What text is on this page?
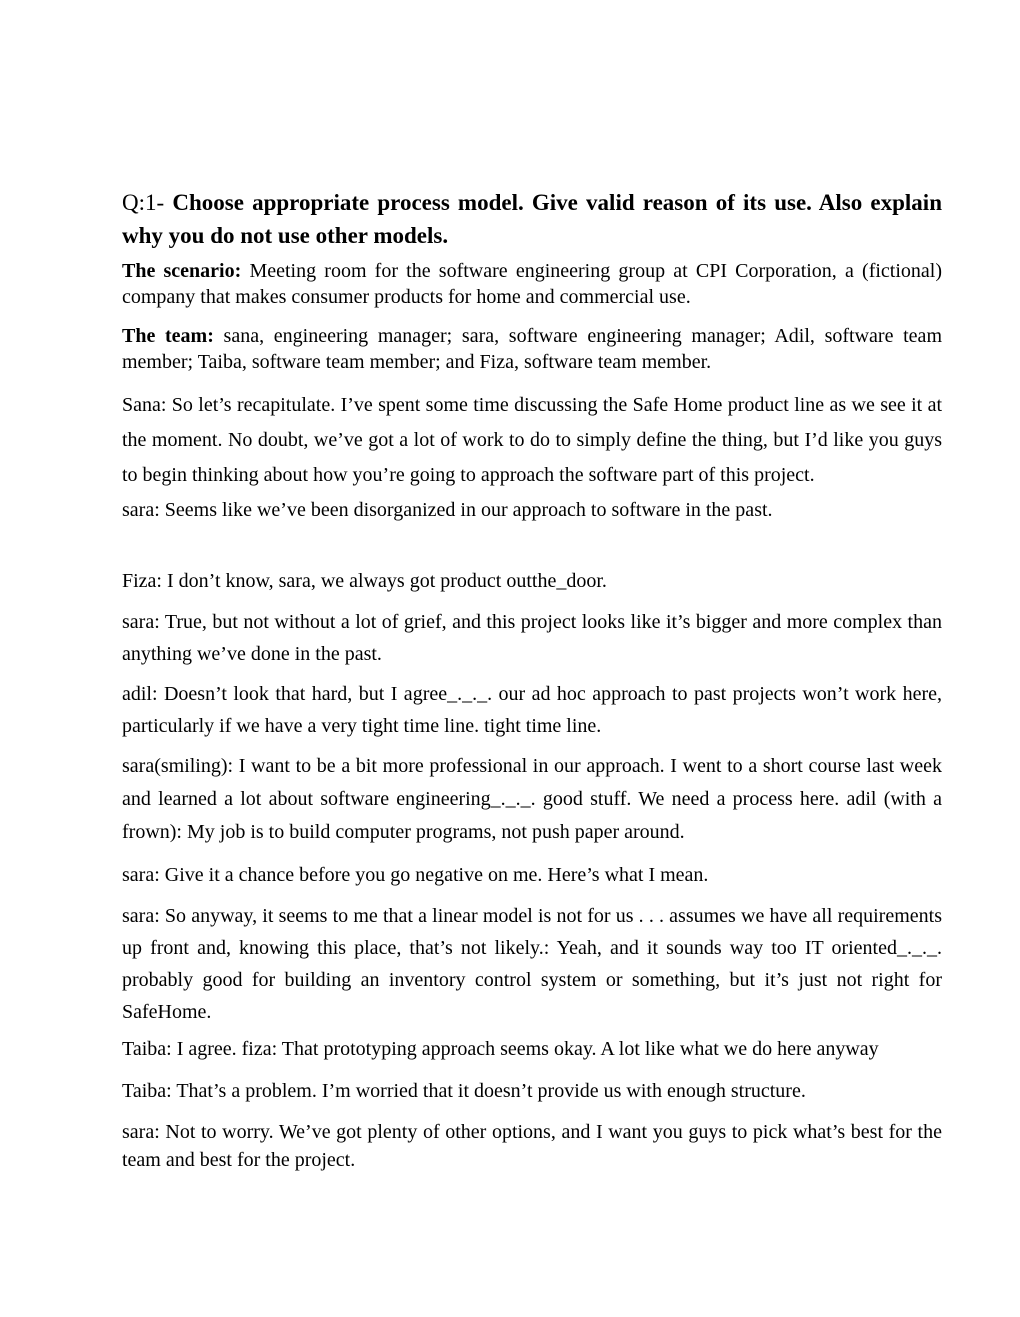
Q:1- Choose appropriate process model. Give valid reason of its use. Also explain why you do not use other models.

The scenario: Meeting room for the software engineering group at CPI Corporation, a (fictional) company that makes consumer products for home and commercial use.

The team: sana, engineering manager; sara, software engineering manager; Adil, software team member; Taiba, software team member; and Fiza, software team member.

Sana: So let’s recapitulate. I’ve spent some time discussing the Safe Home product line as we see it at the moment. No doubt, we’ve got a lot of work to do to simply define the thing, but I’d like you guys to begin thinking about how you’re going to approach the software part of this project.

sara: Seems like we’ve been disorganized in our approach to software in the past.

Fiza: I don’t know, sara, we always got product outthe_door.

sara: True, but not without a lot of grief, and this project looks like it’s bigger and more complex than anything we’ve done in the past.

adil: Doesn’t look that hard, but I agree_._._. our ad hoc approach to past projects won’t work here, particularly if we have a very tight time line. tight time line.

sara(smiling): I want to be a bit more professional in our approach. I went to a short course last week and learned a lot about software engineering_._._. good stuff. We need a process here. adil (with a frown): My job is to build computer programs, not push paper around.

sara: Give it a chance before you go negative on me. Here’s what I mean.

sara: So anyway, it seems to me that a linear model is not for us . . . assumes we have all requirements up front and, knowing this place, that’s not likely.: Yeah, and it sounds way too IT oriented_._._. probably good for building an inventory control system or something, but it’s just not right for SafeHome.

Taiba: I agree. fiza: That prototyping approach seems okay. A lot like what we do here anyway

Taiba: That’s a problem. I’m worried that it doesn’t provide us with enough structure.

sara: Not to worry. We’ve got plenty of other options, and I want you guys to pick what’s best for the team and best for the project.
